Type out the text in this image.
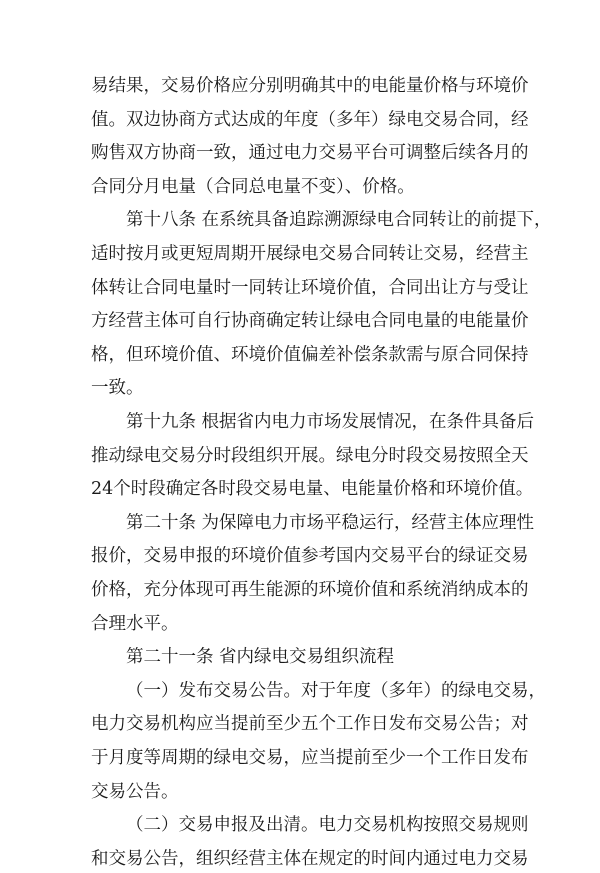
易结果，交易价格应分别明确其中的电能量价格与环境价
值。双边协商方式达成的年度（多年）绿电交易合同，经
购售双方协商一致，通过电力交易平台可调整后续各月的
合同分月电量（合同总电量不变）、价格。
第十八条 在系统具备追踪溯源绿电合同转让的前提下，
适时按月或更短周期开展绿电交易合同转让交易，经营主
体转让合同电量时一同转让环境价值，合同出让方与受让
方经营主体可自行协商确定转让绿电合同电量的电能量价
格，但环境价值、环境价值偏差补偿条款需与原合同保持
一致。
第十九条 根据省内电力市场发展情况，在条件具备后
推动绿电交易分时段组织开展。绿电分时段交易按照全天
24个时段确定各时段交易电量、电能量价格和环境价值。
第二十条 为保障电力市场平稳运行，经营主体应理性
报价，交易申报的环境价值参考国内交易平台的绿证交易
价格，充分体现可再生能源的环境价值和系统消纳成本的
合理水平。
第二十一条 省内绿电交易组织流程
（一）发布交易公告。对于年度（多年）的绿电交易，
电力交易机构应当提前至少五个工作日发布交易公告；对
于月度等周期的绿电交易，应当提前至少一个工作日发布
交易公告。
（二）交易申报及出清。电力交易机构按照交易规则
和交易公告，组织经营主体在规定的时间内通过电力交易
